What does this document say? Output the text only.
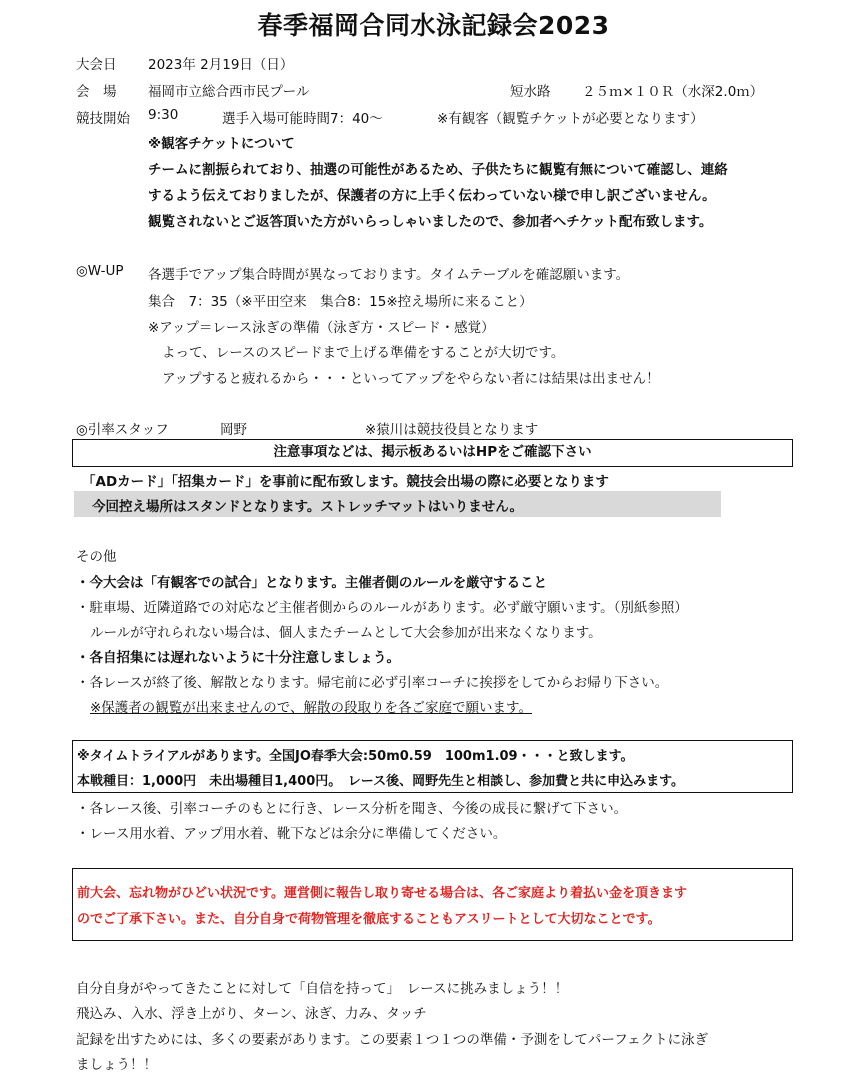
春季福岡合同水泳記録会2023
大会日 2023年 2月19日（日）
会　場 福岡市立総合西市民プール	短水路 ２５ｍ×１０Ｒ（水深2.0ｍ）
競技開始 9:30	選手入場可能時間7：40～	※有観客（観覧チケットが必要となります）
※観客チケットについて
チームに割振られており、抽選の可能性があるため、子供たちに観覧有無について確認し、連絡
するよう伝えておりましたが、保護者の方に上手く伝わっていない様で申し訳ございません。
観覧されないとご返答頂いた方がいらっしゃいましたので、参加者へチケット配布致します。
◎W-UP 各選手でアップ集合時間が異なっております。タイムテーブルを確認願います。
集合　7：35（※平田空来　集合8：15※控え場所に来ること）
※アップ＝レース泳ぎの準備（泳ぎ方・スピード・感覚）
よって、レースのスピードまで上げる準備をすることが大切です。
アップすると疲れるから・・・といってアップをやらない者には結果は出ません！
◎引率スタッフ	岡野	※猿川は競技役員となります
注意事項などは、掲示板あるいはHPをご確認下さい
「ADカード」「招集カード」を事前に配布致します。競技会出場の際に必要となります
今回控え場所はスタンドとなります。ストレッチマットはいりません。
その他
・今大会は「有観客での試合」となります。主催者側のルールを厳守すること
・駐車場、近隣道路での対応など主催者側からのルールがあります。必ず厳守願います。（別紙参照）
ルールが守れられない場合は、個人またチームとして大会参加が出来なくなります。
・各自招集には遅れないように十分注意しましょう。
・各レースが終了後、解散となります。帰宅前に必ず引率コーチに挨拶をしてからお帰り下さい。
※保護者の観覧が出来ませんので、解散の段取りを各ご家庭で願います。
※タイムトライアルがあります。全国JO春季大会:50m0.59　100m1.09・・・と致します。
本戦種目：1,000円　未出場種目1,400円。　レース後、岡野先生と相談し、参加費と共に申込みます。
・各レース後、引率コーチのもとに行き、レース分析を聞き、今後の成長に繋げて下さい。
・レース用水着、アップ用水着、靴下などは余分に準備してください。
前大会、忘れ物がひどい状況です。運営側に報告し取り寄せる場合は、各ご家庭より着払い金を頂きます
のでご了承下さい。また、自分自身で荷物管理を徹底することもアスリートとして大切なことです。
自分自身がやってきたことに対して「自信を持って」　レースに挑みましょう！！
飛込み、入水、浮き上がり、ターン、泳ぎ、力み、タッチ
記録を出すためには、多くの要素があります。この要素１つ１つの準備・予測をしてパーフェクトに泳ぎ
ましょう！！
